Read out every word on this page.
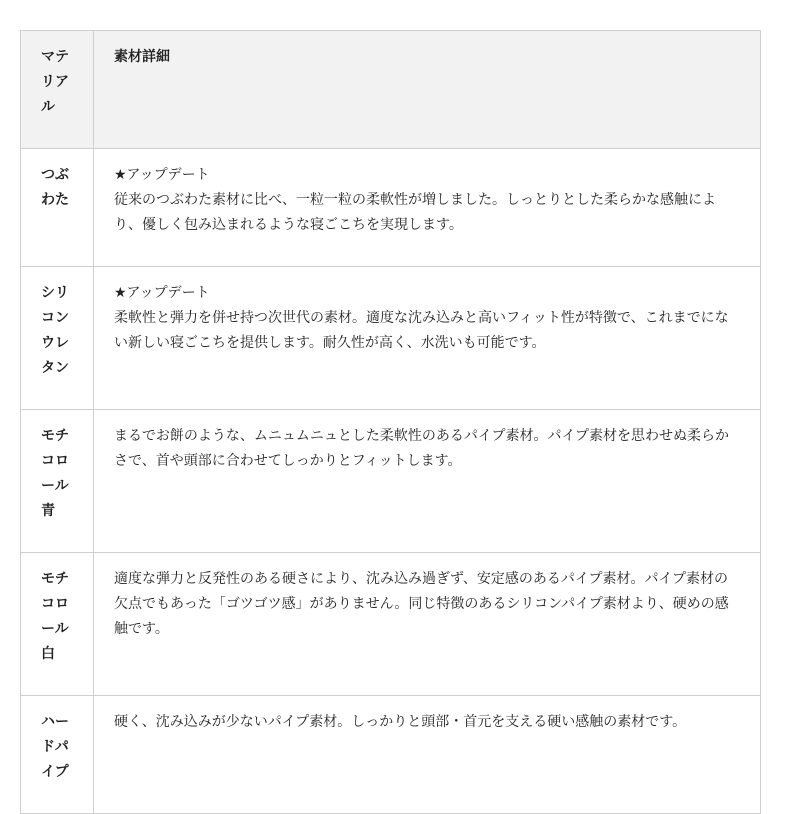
マテリアル	素材詳細
つぶわた	★アップデート
従来のつぶわた素材に比べ、一粒一粒の柔軟性が増しました。しっとりとした柔らかな感触により、優しく包み込まれるような寝ごこちを実現します。

シリコンウレタン	★アップデート
柔軟性と弾力を併せ持つ次世代の素材。適度な沈み込みと高いフィット性が特徴で、これまでにない新しい寝ごこちを提供します。耐久性が高く、水洗いも可能です。

モチコロール青	まるでお餅のような、ムニュムニュとした柔軟性のあるパイプ素材。パイプ素材を思わせぬ柔らかさで、首や頭部に合わせてしっかりとフィットします。

モチコロール白	適度な弾力と反発性のある硬さにより、沈み込み過ぎず、安定感のあるパイプ素材。パイプ素材の欠点でもあった「ゴツゴツ感」がありません。同じ特徴のあるシリコンパイプ素材より、硬めの感触です。

ハードパイプ	硬く、沈み込みが少ないパイプ素材。しっかりと頭部・首元を支える硬い感触の素材です。
